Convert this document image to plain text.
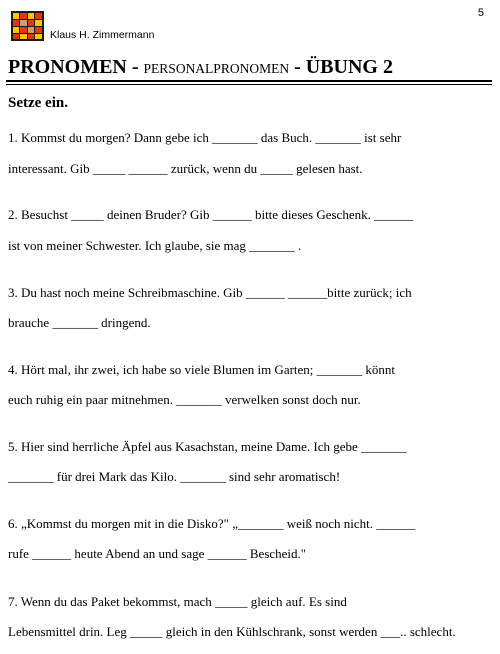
Klaus H. Zimmermann
5
PRONOMEN - PERSONALPRONOMEN - ÜBUNG 2
Setze ein.
1. Kommst du morgen? Dann gebe ich _______ das Buch. _______ ist sehr
interessant. Gib _____ ______ zurück, wenn du _____ gelesen hast.
2. Besuchst _____ deinen Bruder? Gib ______ bitte dieses Geschenk. ______
ist von meiner Schwester. Ich glaube, sie mag _______ .
3. Du hast noch meine Schreibmaschine. Gib ______ ______bitte zurück; ich
brauche _______ dringend.
4. Hört mal, ihr zwei, ich habe so viele Blumen im Garten; _______ könnt
euch ruhig ein paar mitnehmen. _______ verwelken sonst doch nur.
5. Hier sind herrliche Äpfel aus Kasachstan, meine Dame. Ich gebe _______
_______ für drei Mark das Kilo. _______ sind sehr aromatisch!
6. „Kommst du morgen mit in die Disko?" „_______ weiß noch nicht. ______
rufe ______ heute Abend an und sage ______ Bescheid."
7. Wenn du das Paket bekommst, mach _____ gleich auf. Es sind
Lebensmittel drin. Leg _____ gleich in den Kühlschrank, sonst werden ___.. schlecht.
